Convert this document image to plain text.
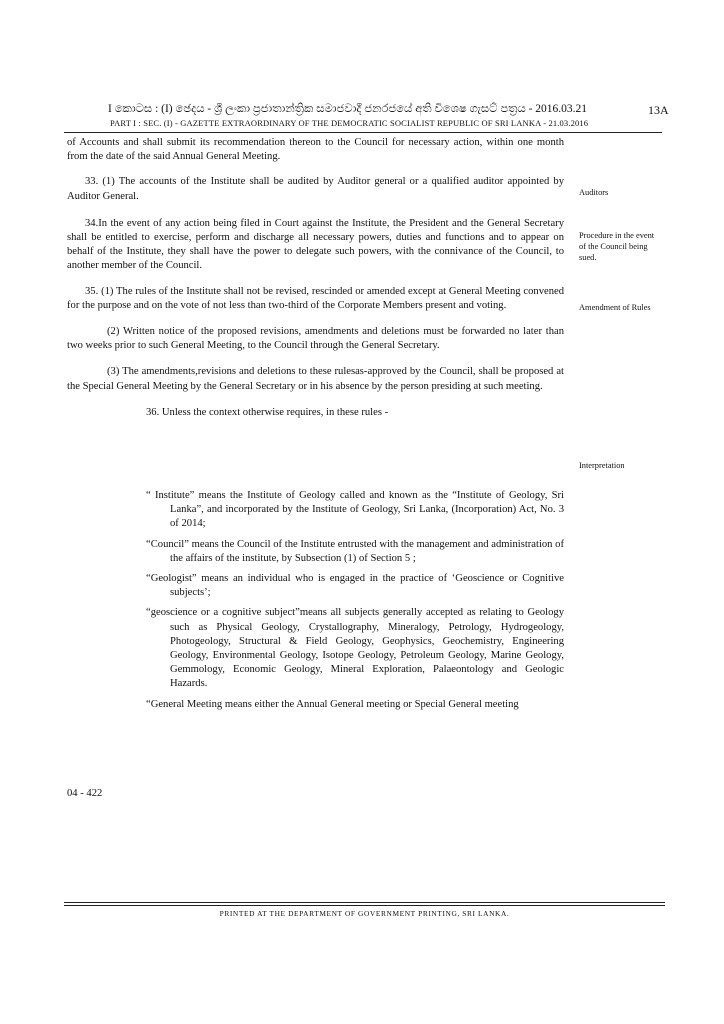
I කොටස : (I) ඡෙදය - ශ්‍රී ලංකා ප්‍රජාතාන්ත්‍රික සමාජවාදී ජනරජයේ අති විශෙෂ ගැසට් පත්‍රය - 2016.03.21	13A
PART I : SEC. (I) - GAZETTE EXTRAORDINARY OF THE DEMOCRATIC SOCIALIST REPUBLIC OF SRI LANKA - 21.03.2016

of Accounts and shall submit its recommendation thereon to the Council for necessary action, within one month from the date of the said Annual General Meeting.

33. (1) The accounts of the Institute shall be audited by Auditor general or a qualified auditor appointed by Auditor General.

34.In the event of any action being filed in Court against the Institute, the President and the General Secretary shall be entitled to exercise, perform and discharge all necessary powers, duties and functions and to appear on behalf of the Institute, they shall have the power to delegate such powers, with the connivance of the Council, to another member of the Council.

35. (1) The rules of the Institute shall not be revised, rescinded or amended except at General Meeting convened for the purpose and on the vote of not less than two-third of the Corporate Members present and voting.

(2) Written notice of the proposed revisions, amendments and deletions must be forwarded no later than two weeks prior to such General Meeting, to the Council through the General Secretary.

(3) The amendments,revisions and deletions to these rulesas-approved by the Council, shall be proposed at the Special General Meeting by the General Secretary or in his absence by the person presiding at such meeting.

36. Unless the context otherwise requires, in these rules -

“ Institute” means the Institute of Geology called and known as the “Institute of Geology, Sri Lanka”, and incorporated by the Institute of Geology, Sri Lanka, (Incorporation) Act, No. 3 of 2014;

“Council” means the Council of the Institute entrusted with the management and administration of the affairs of the institute, by Subsection (1) of Section 5 ;

“Geologist” means an individual who is engaged in the practice of ‘Geoscience or Cognitive subjects’;

“geoscience or a cognitive subject”means all subjects generally accepted as relating to Geology such as Physical Geology, Crystallography, Mineralogy, Petrology, Hydrogeology, Photogeology, Structural & Field Geology, Geophysics, Geochemistry, Engineering Geology, Environmental Geology, Isotope Geology, Petroleum Geology, Marine Geology, Gemmology, Economic Geology, Mineral Exploration, Palaeontology and Geologic Hazards.

“General Meeting means either the Annual General meeting or Special General meeting

Auditors
Procedure in the event of the Council being sued.
Amendment of Rules
Interpretation
04 - 422
PRINTED AT THE DEPARTMENT OF GOVERNMENT PRINTING, SRI LANKA.
